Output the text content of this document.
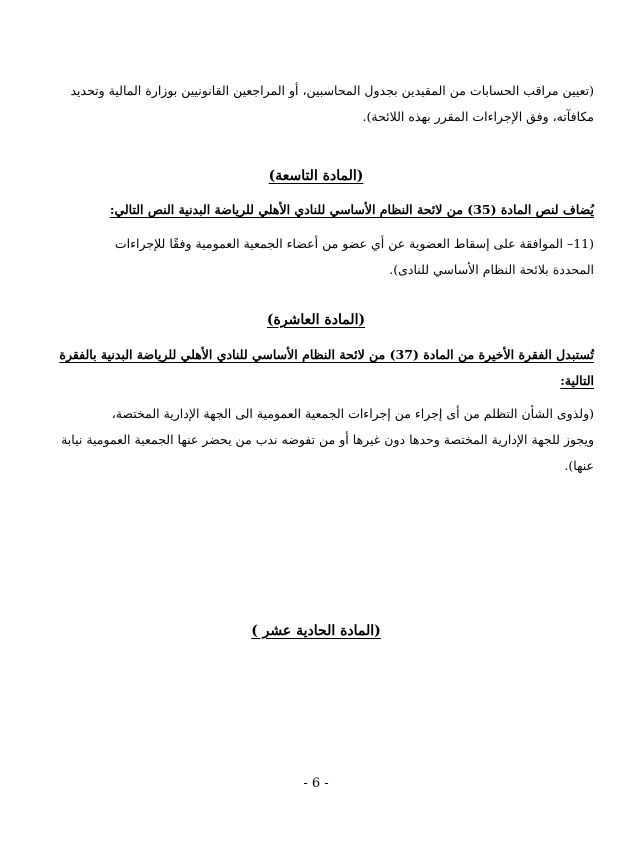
(تعيين مراقب الحسابات من المقيدين بجدول المحاسبين، أو المراجعين القانونيين بوزارة المالية وتحديد
مكافآته، وفق الإجراءات المقرر بهذه اللائحة).
(المادة التاسعة)
يُضاف لنص المادة (35) من لائحة النظام الأساسي للنادي الأهلي للرياضة البدنية النص التالي:
(11– الموافقة على إسقاط العضوية عن أي عضو من أعضاء الجمعية العمومية وفقًا للإجراءات
المحددة بلائحة النظام الأساسي للنادى).
(المادة العاشرة)
تُستبدل الفقرة الأخيرة من المادة (37) من لائحة النظام الأساسي للنادي الأهلي للرياضة البدنية بالفقرة
التالية:
(ولذوى الشأن التظلم من أى إجراء من إجراءات الجمعية العمومية الى الجهة الإدارية المختصة،
ويجوز للجهة الإدارية المختصة وحدها دون غيرها أو من تفوضه ندب من يحضر عنها الجمعية العمومية نيابة
عنها).
(المادة الحادية عشر )
- 6 -
